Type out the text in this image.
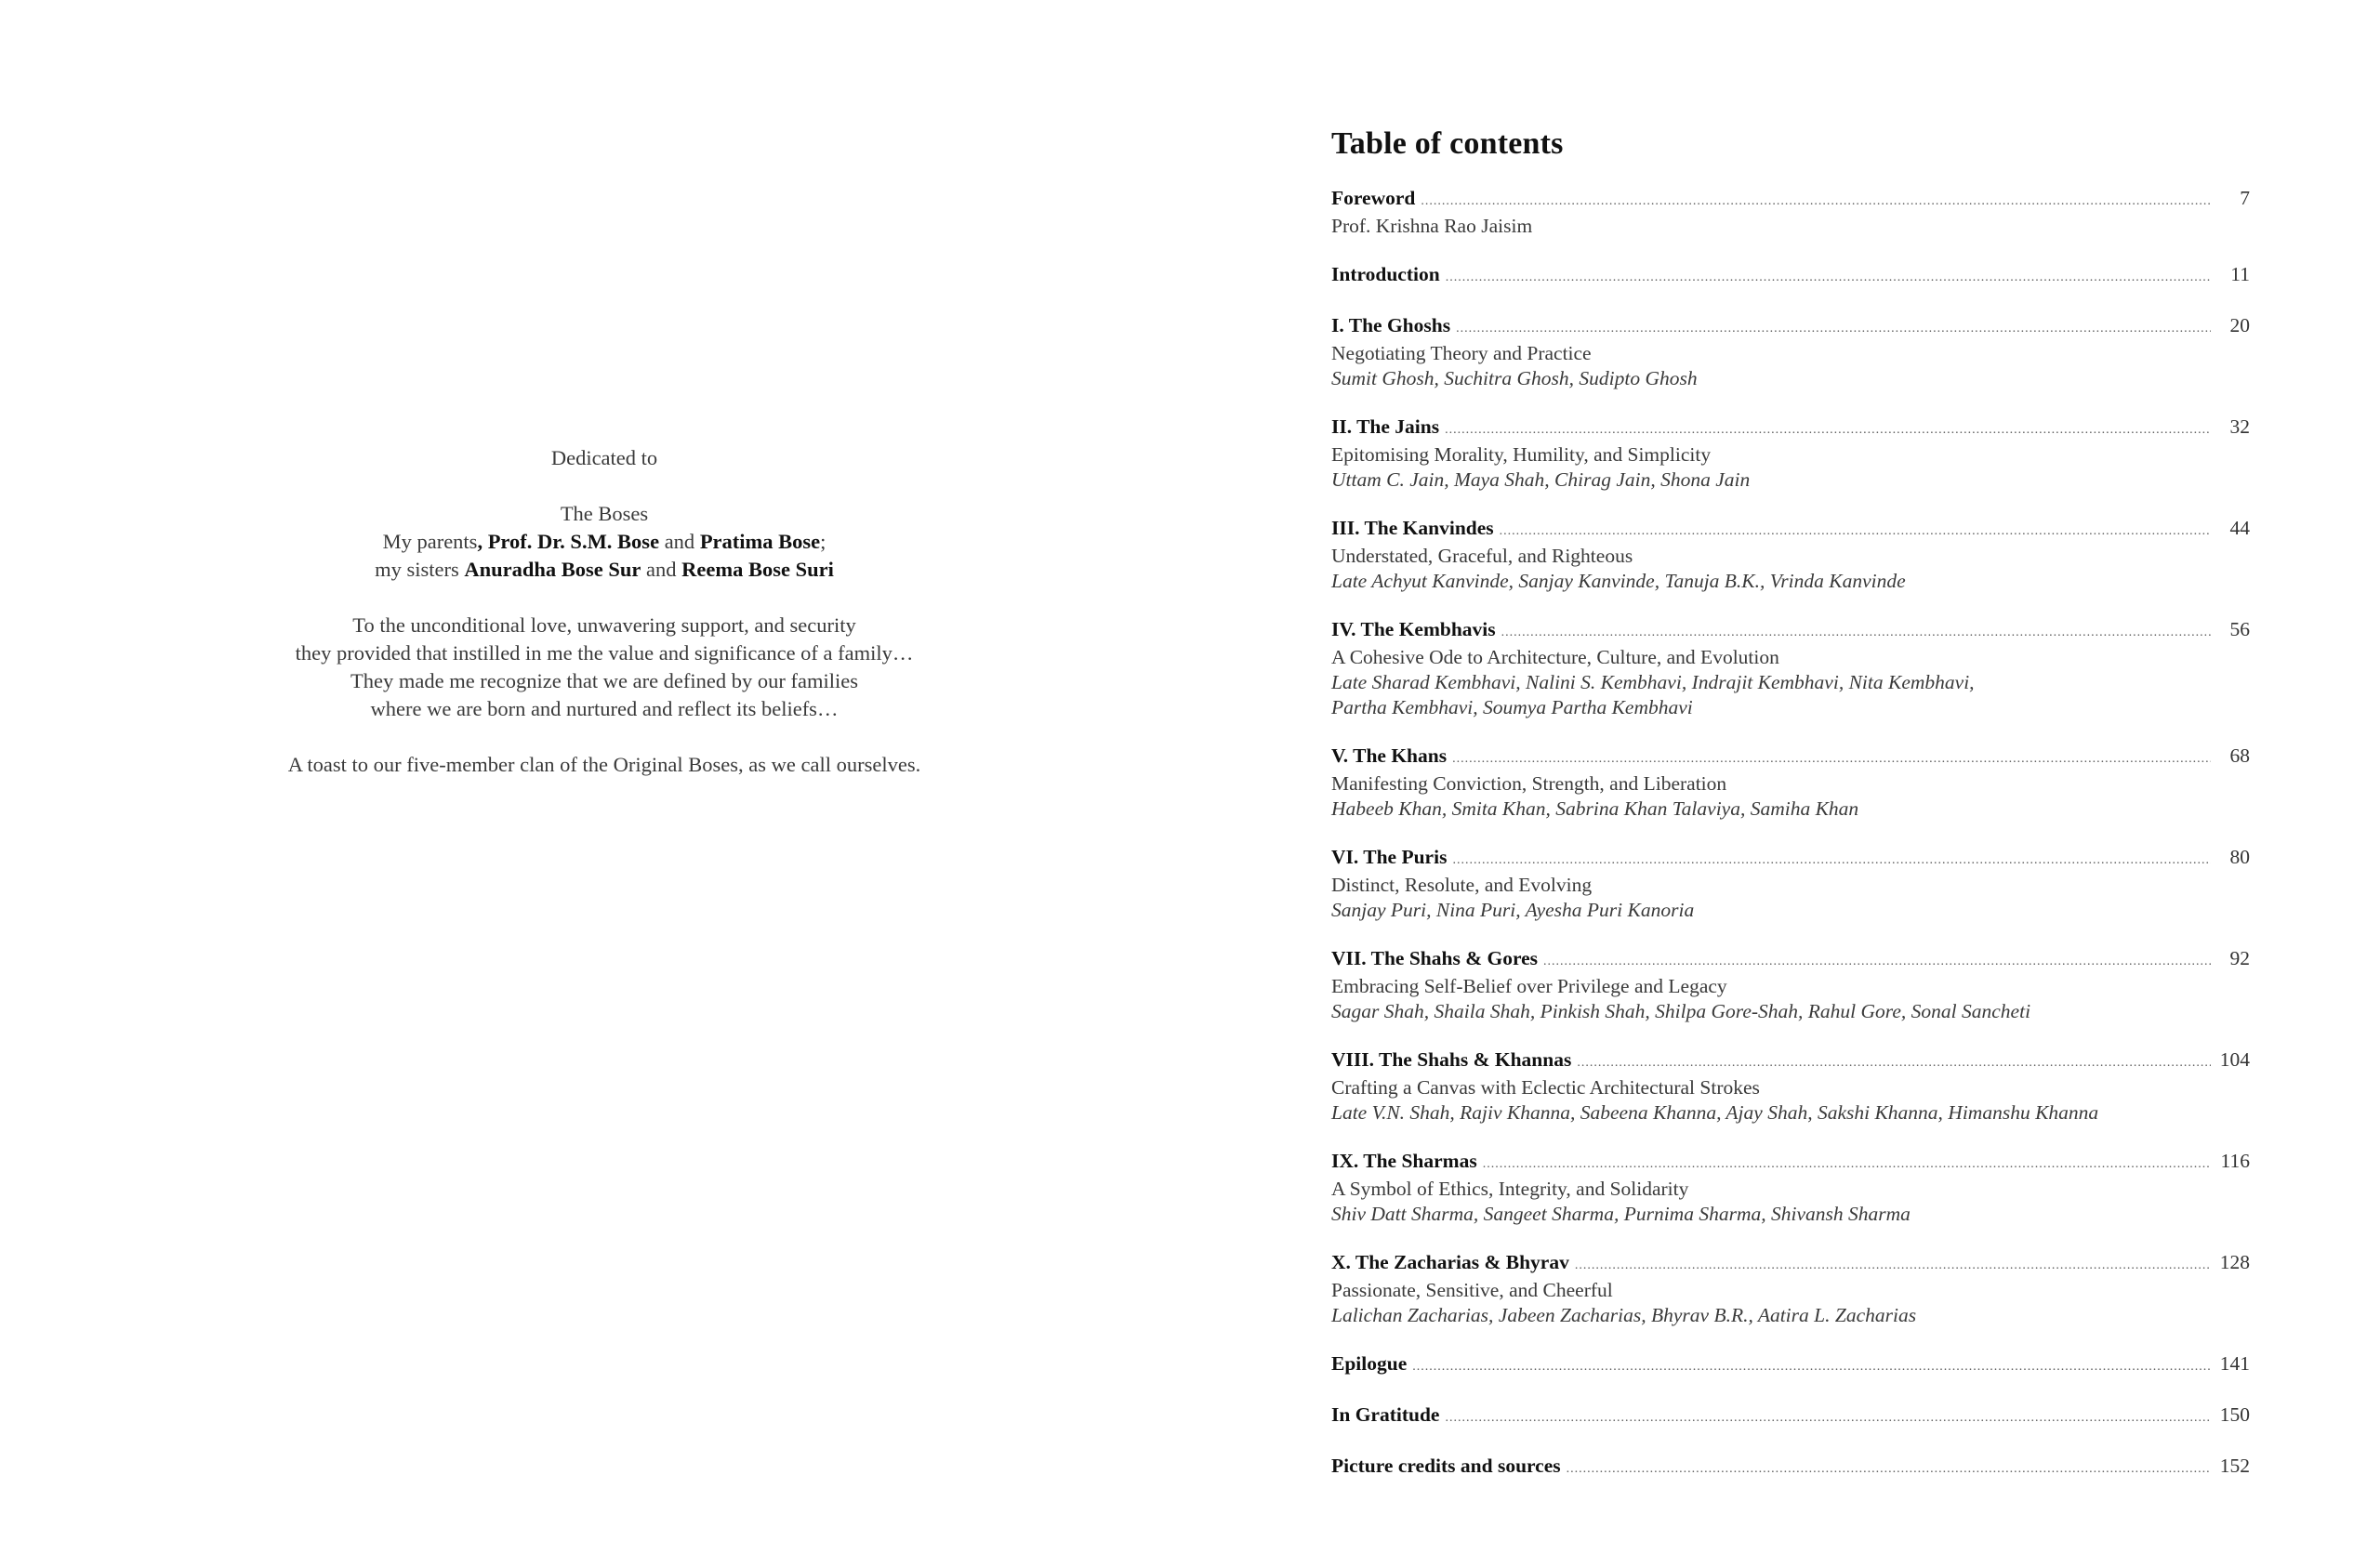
Dedicated to

The Boses

My parents, Prof. Dr. S.M. Bose and Pratima Bose;

my sisters Anuradha Bose Sur and Reema Bose Suri

To the unconditional love, unwavering support, and security

they provided that instilled in me the value and significance of a family…

They made me recognize that we are defined by our families

where we are born and nurtured and reflect its beliefs…

A toast to our five-member clan of the Original Boses, as we call ourselves.

Table of contents
Foreword .....	7
Prof. Krishna Rao Jaisim
Introduction .....	11
I. The Ghoshs .....	20
Negotiating Theory and Practice
Sumit Ghosh, Suchitra Ghosh, Sudipto Ghosh
II. The Jains .....	32
Epitomising Morality, Humility, and Simplicity
Uttam C. Jain, Maya Shah, Chirag Jain, Shona Jain
III. The Kanvindes .....	44
Understated, Graceful, and Righteous
Late Achyut Kanvinde, Sanjay Kanvinde, Tanuja B.K., Vrinda Kanvinde
IV. The Kembhavis .....	56
A Cohesive Ode to Architecture, Culture, and Evolution
Late Sharad Kembhavi, Nalini S. Kembhavi, Indrajit Kembhavi, Nita Kembhavi,
Partha Kembhavi, Soumya Partha Kembhavi
V. The Khans .....	68
Manifesting Conviction, Strength, and Liberation
Habeeb Khan, Smita Khan, Sabrina Khan Talaviya, Samiha Khan
VI. The Puris .....	80
Distinct, Resolute, and Evolving
Sanjay Puri, Nina Puri, Ayesha Puri Kanoria
VII. The Shahs & Gores .....	92
Embracing Self-Belief over Privilege and Legacy
Sagar Shah, Shaila Shah, Pinkish Shah, Shilpa Gore-Shah, Rahul Gore, Sonal Sancheti
VIII. The Shahs & Khannas .....	104
Crafting a Canvas with Eclectic Architectural Strokes
Late V.N. Shah, Rajiv Khanna, Sabeena Khanna, Ajay Shah, Sakshi Khanna, Himanshu Khanna
IX. The Sharmas .....	116
A Symbol of Ethics, Integrity, and Solidarity
Shiv Datt Sharma, Sangeet Sharma, Purnima Sharma, Shivansh Sharma
X. The Zacharias & Bhyrav .....	128
Passionate, Sensitive, and Cheerful
Lalichan Zacharias, Jabeen Zacharias, Bhyrav B.R., Aatira L. Zacharias
Epilogue .....	141
In Gratitude .....	150
Picture credits and sources .....	152
